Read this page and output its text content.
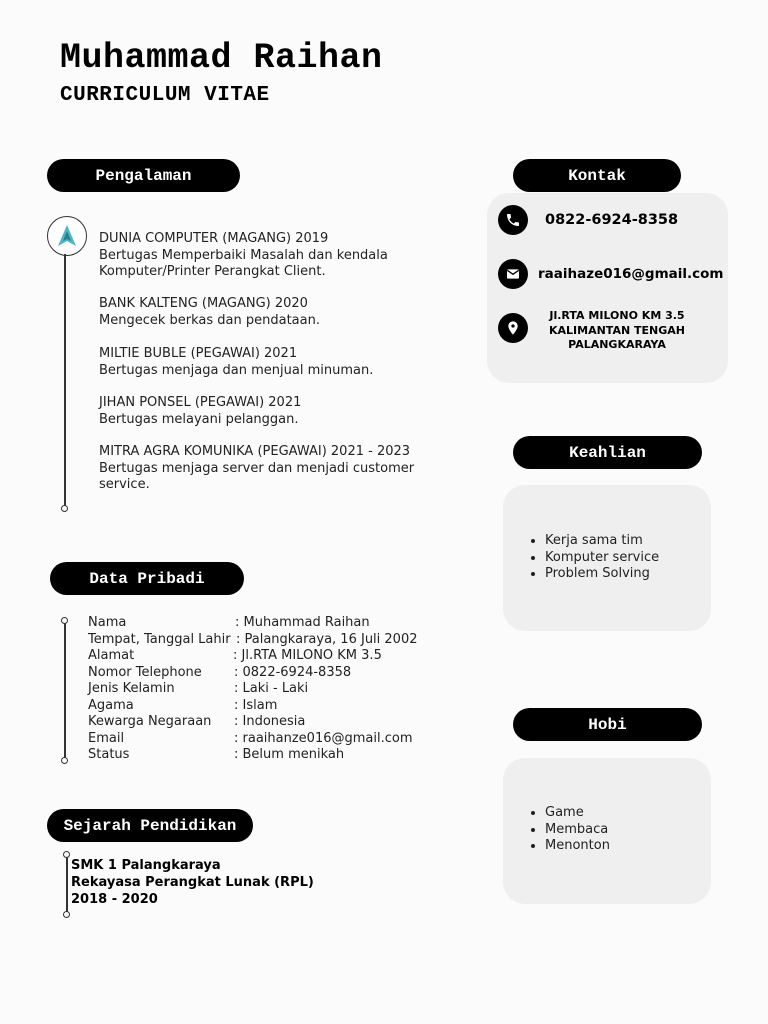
Muhammad Raihan
CURRICULUM VITAE
Pengalaman
DUNIA COMPUTER (MAGANG) 2019
Bertugas Memperbaiki Masalah dan kendala
Komputer/Printer Perangkat Client.
BANK KALTENG (MAGANG) 2020
Mengecek berkas dan pendataan.
MILTIE BUBLE (PEGAWAI) 2021
Bertugas menjaga dan menjual minuman.
JIHAN PONSEL (PEGAWAI) 2021
Bertugas melayani pelanggan.
MITRA AGRA KOMUNIKA (PEGAWAI) 2021 - 2023
Bertugas menjaga server dan menjadi customer
service.
Kontak
0822-6924-8358
raaihaze016@gmail.com
Jl.RTA MILONO KM 3.5
KALIMANTAN TENGAH
PALANGKARAYA
Keahlian
• Kerja sama tim
• Komputer service
• Problem Solving
Data Pribadi
Nama	: Muhammad Raihan
Tempat, Tanggal Lahir : Palangkaraya, 16 Juli 2002
Alamat	: Jl.RTA MILONO KM 3.5
Nomor Telephone : 0822-6924-8358
Jenis Kelamin	: Laki - Laki
Agama	: Islam
Kewarga Negaraan : Indonesia
Email	: raaihanze016@gmail.com
Status	: Belum menikah
Hobi
• Game
• Membaca
• Menonton
Sejarah Pendidikan
SMK 1 Palangkaraya
Rekayasa Perangkat Lunak (RPL)
2018 - 2020
